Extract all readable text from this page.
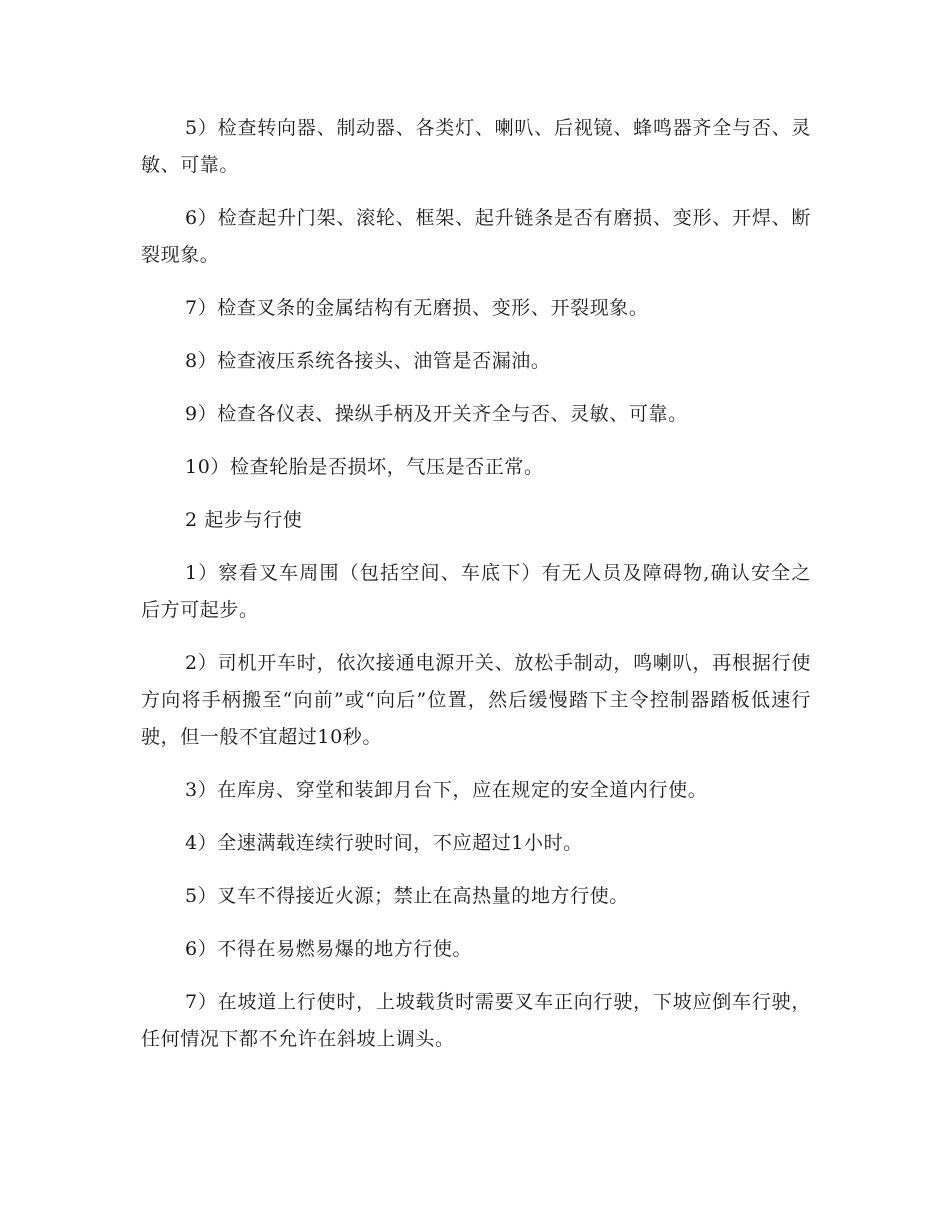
5）检查转向器、制动器、各类灯、喇叭、后视镜、蜂鸣器齐全与否、灵敏、可靠。

6）检查起升门架、滚轮、框架、起升链条是否有磨损、变形、开焊、断裂现象。

7）检查叉条的金属结构有无磨损、变形、开裂现象。

8）检查液压系统各接头、油管是否漏油。

9）检查各仪表、操纵手柄及开关齐全与否、灵敏、可靠。

10）检查轮胎是否损坏，气压是否正常。

2 起步与行使

1）察看叉车周围（包括空间、车底下）有无人员及障碍物,确认安全之后方可起步。

2）司机开车时，依次接通电源开关、放松手制动，鸣喇叭，再根据行使方向将手柄搬至“向前”或“向后”位置，然后缓慢踏下主令控制器踏板低速行驶，但一般不宜超过10秒。

3）在库房、穿堂和装卸月台下，应在规定的安全道内行使。

4）全速满载连续行驶时间，不应超过1小时。

5）叉车不得接近火源；禁止在高热量的地方行使。

6）不得在易燃易爆的地方行使。

7）在坡道上行使时，上坡载货时需要叉车正向行驶，下坡应倒车行驶，任何情况下都不允许在斜坡上调头。
